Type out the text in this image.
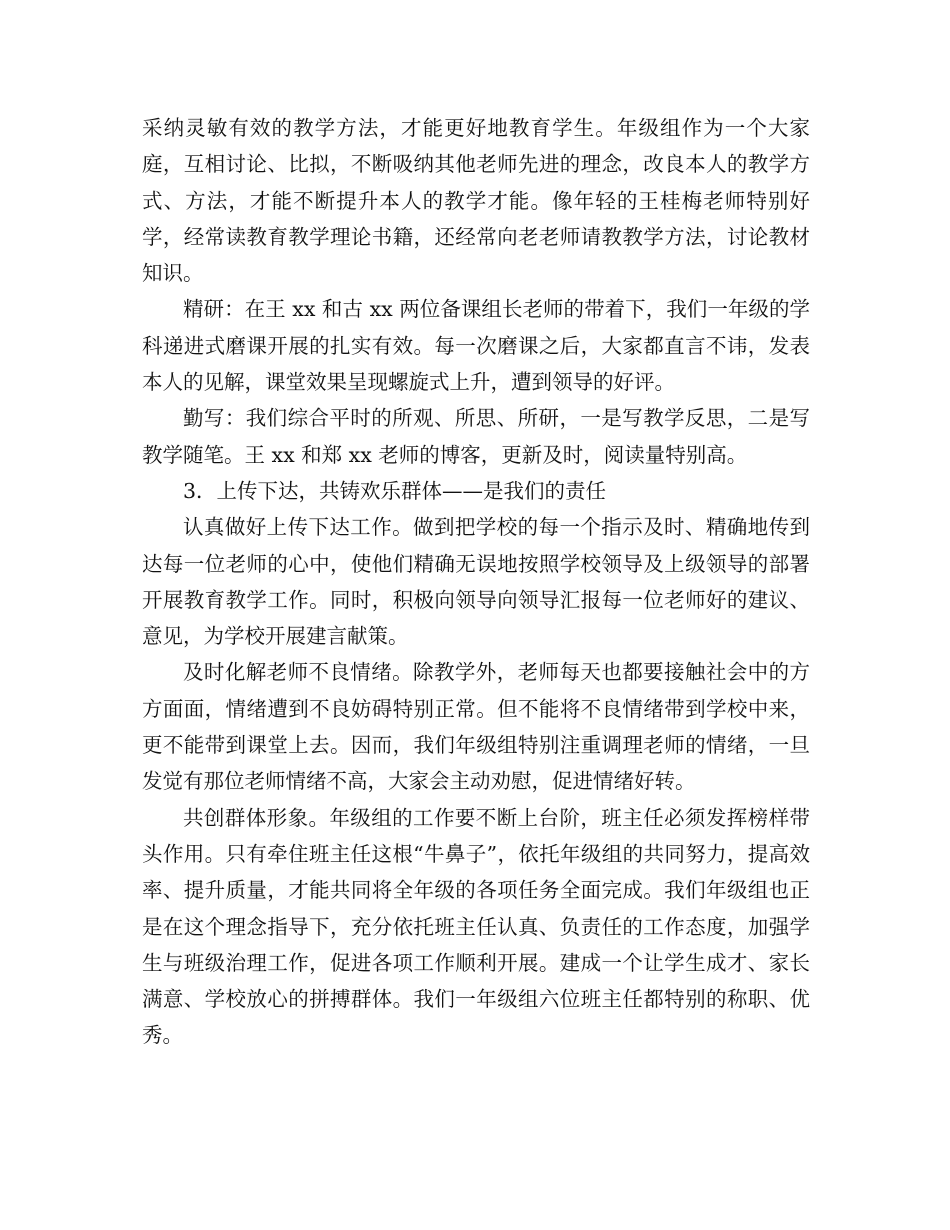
采纳灵敏有效的教学方法，才能更好地教育学生。年级组作为一个大家庭，互相讨论、比拟，不断吸纳其他老师先进的理念，改良本人的教学方式、方法，才能不断提升本人的教学才能。像年轻的王桂梅老师特别好学，经常读教育教学理论书籍，还经常向老老师请教教学方法，讨论教材知识。

精研：在王 xx 和古 xx 两位备课组长老师的带着下，我们一年级的学科递进式磨课开展的扎实有效。每一次磨课之后，大家都直言不讳，发表本人的见解，课堂效果呈现螺旋式上升，遭到领导的好评。

勤写：我们综合平时的所观、所思、所研，一是写教学反思，二是写教学随笔。王 xx 和郑 xx 老师的博客，更新及时，阅读量特别高。

3．上传下达，共铸欢乐群体——是我们的责任

认真做好上传下达工作。做到把学校的每一个指示及时、精确地传到达每一位老师的心中，使他们精确无误地按照学校领导及上级领导的部署开展教育教学工作。同时，积极向领导向领导汇报每一位老师好的建议、意见，为学校开展建言献策。

及时化解老师不良情绪。除教学外，老师每天也都要接触社会中的方方面面，情绪遭到不良妨碍特别正常。但不能将不良情绪带到学校中来，更不能带到课堂上去。因而，我们年级组特别注重调理老师的情绪，一旦发觉有那位老师情绪不高，大家会主动劝慰，促进情绪好转。

共创群体形象。年级组的工作要不断上台阶，班主任必须发挥榜样带头作用。只有牵住班主任这根“牛鼻子”，依托年级组的共同努力，提高效率、提升质量，才能共同将全年级的各项任务全面完成。我们年级组也正是在这个理念指导下，充分依托班主任认真、负责任的工作态度，加强学生与班级治理工作，促进各项工作顺利开展。建成一个让学生成才、家长满意、学校放心的拼搏群体。我们一年级组六位班主任都特别的称职、优秀。
